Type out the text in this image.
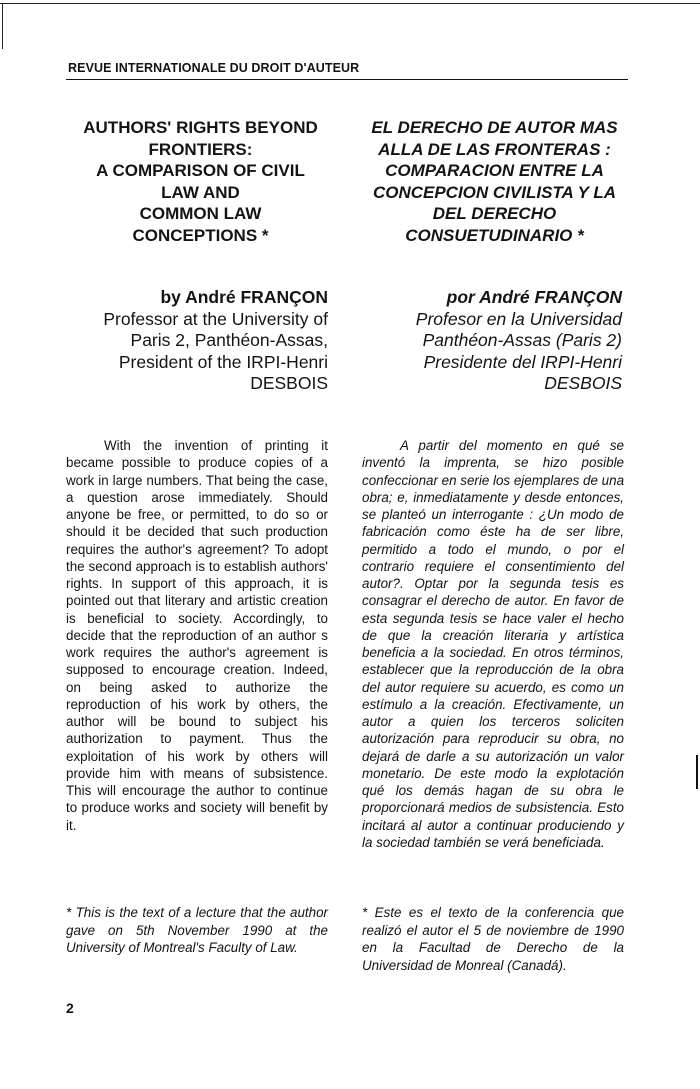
REVUE INTERNATIONALE DU DROIT D'AUTEUR
AUTHORS' RIGHTS BEYOND
FRONTIERS:
A COMPARISON OF CIVIL
LAW AND
COMMON LAW
CONCEPTIONS *
EL DERECHO DE AUTOR MAS
ALLA DE LAS FRONTERAS :
COMPARACION ENTRE LA
CONCEPCION CIVILISTA Y LA
DEL DERECHO
CONSUETUDINARIO *
by André FRANÇON
Professor at the University of
Paris 2, Panthéon-Assas,
President of the IRPI-Henri
DESBOIS
por André FRANÇON
Profesor en la Universidad
Panthéon-Assas (Paris 2)
Presidente del IRPI-Henri
DESBOIS

With the invention of printing it became possible to produce copies of a work in large numbers. That being the case, a question arose immediately. Should anyone be free, or permitted, to do so or should it be decided that such production requires the author's agreement? To adopt the second approach is to establish authors' rights. In support of this approach, it is pointed out that literary and artistic creation is beneficial to society. Accordingly, to decide that the reproduction of an author s work requires the author's agreement is supposed to encourage creation. Indeed, on being asked to authorize the reproduction of his work by others, the author will be bound to subject his authorization to payment. Thus the exploitation of his work by others will provide him with means of subsistence. This will encourage the author to continue to produce works and society will benefit by it.

A partir del momento en qué se inventó la imprenta, se hizo posible confeccionar en serie los ejemplares de una obra; e, inmediatamente y desde entonces, se planteó un interrogante : ¿Un modo de fabricación como éste ha de ser libre, permitido a todo el mundo, o por el contrario requiere el consentimiento del autor?. Optar por la segunda tesis es consagrar el derecho de autor. En favor de esta segunda tesis se hace valer el hecho de que la creación literaria y artística beneficia a la sociedad. En otros términos, establecer que la reproducción de la obra del autor requiere su acuerdo, es como un estímulo a la creación. Efectivamente, un autor a quien los terceros soliciten autorización para reproducir su obra, no dejará de darle a su autorización un valor monetario. De este modo la explotación qué los demás hagan de su obra le proporcionará medios de subsistencia. Esto incitará al autor a continuar produciendo y la sociedad también se verá beneficiada.

* This is the text of a lecture that the author gave on 5th November 1990 at the University of Montreal's Faculty of Law.

* Este es el texto de la conferencia que realizó el autor el 5 de noviembre de 1990 en la Facultad de Derecho de la Universidad de Monreal (Canadá).

2
